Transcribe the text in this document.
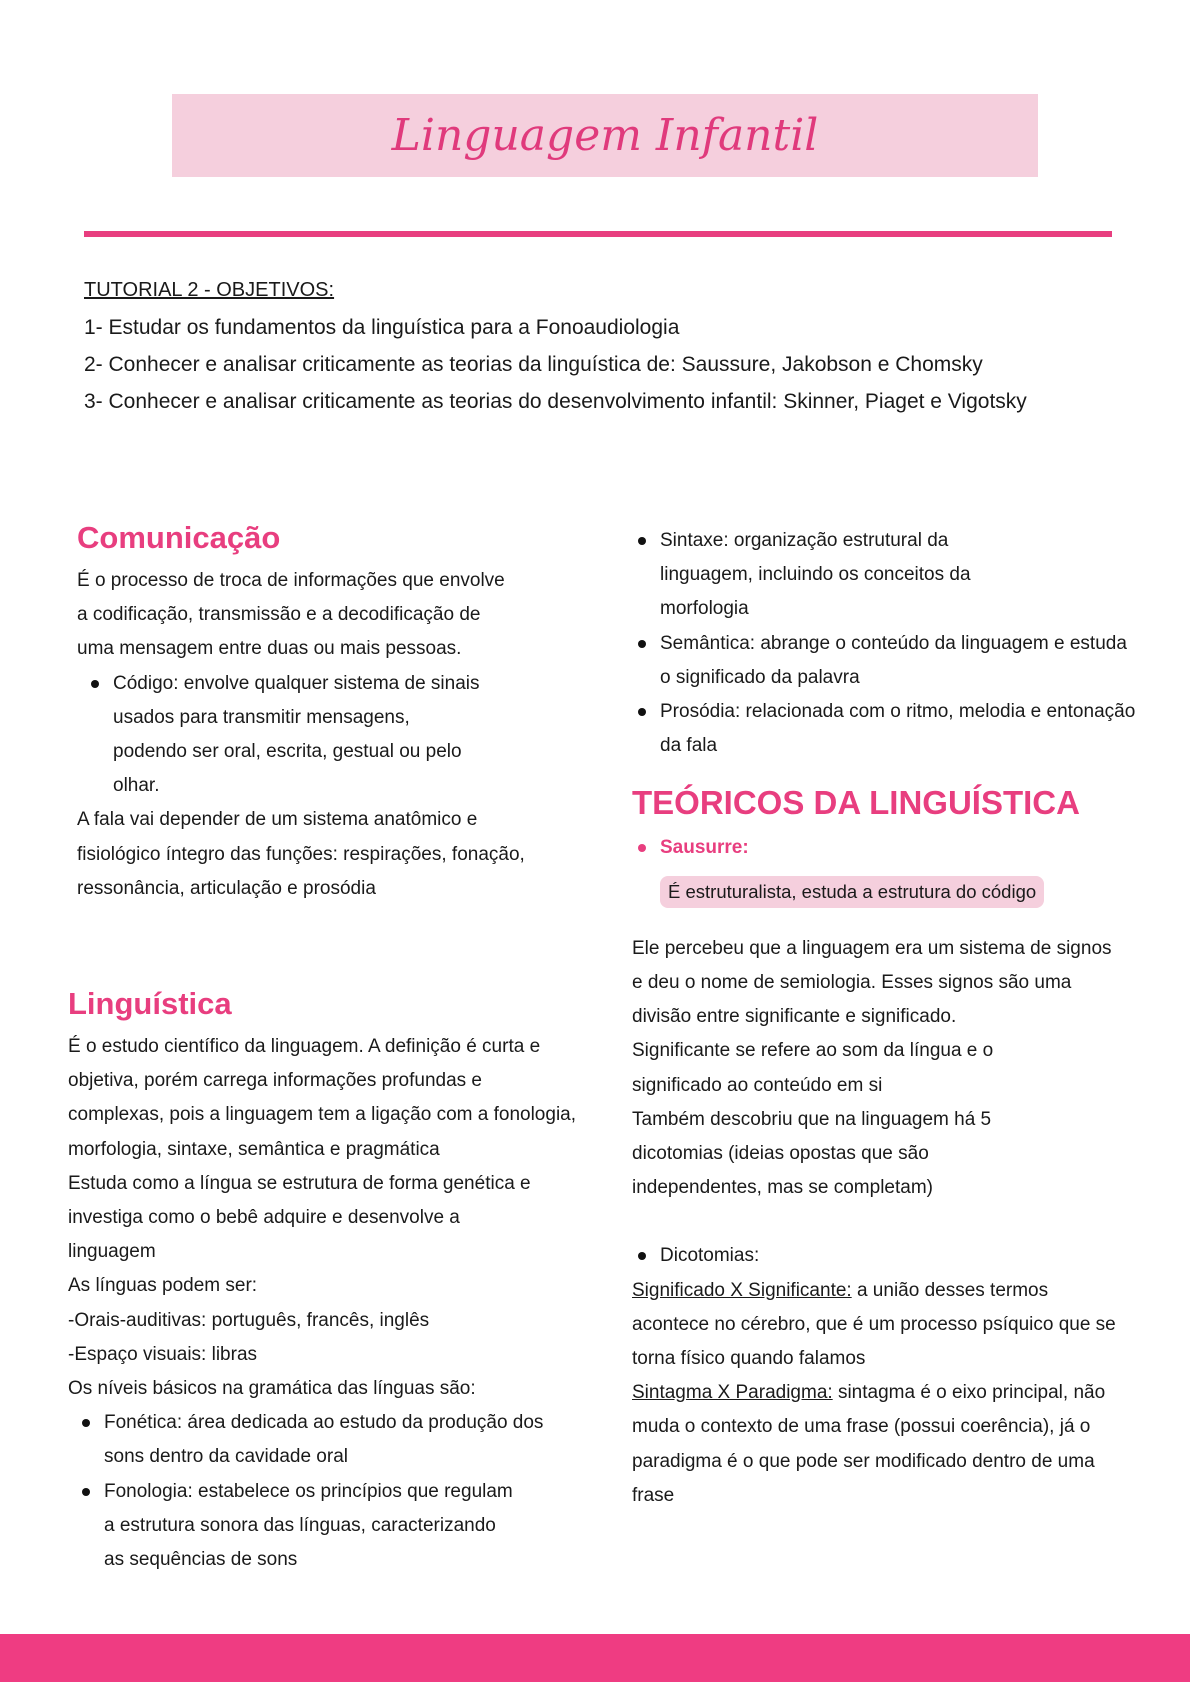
Linguagem Infantil
TUTORIAL 2 - OBJETIVOS:
1- Estudar os fundamentos da linguística para a Fonoaudiologia
2- Conhecer e analisar criticamente as teorias da linguística de: Saussure, Jakobson e Chomsky
3- Conhecer e analisar criticamente as teorias do desenvolvimento infantil: Skinner, Piaget e Vigotsky
Comunicação

É o processo de troca de informações que envolve a codificação, transmissão e a decodificação de uma mensagem entre duas ou mais pessoas.

Código: envolve qualquer sistema de sinais usados para transmitir mensagens, podendo ser oral, escrita, gestual ou pelo olhar.

A fala vai depender de um sistema anatômico e fisiológico íntegro das funções: respirações, fonação, ressonância, articulação e prosódia

Linguística

É o estudo científico da linguagem. A definição é curta e objetiva, porém carrega informações profundas e complexas, pois a linguagem tem a ligação com a fonologia, morfologia, sintaxe, semântica e pragmática

Estuda como a língua se estrutura de forma genética e investiga como o bebê adquire e desenvolve a linguagem

As línguas podem ser:

-Orais-auditivas: português, francês, inglês

-Espaço visuais: libras

Os níveis básicos na gramática das línguas são:

Fonética: área dedicada ao estudo da produção dos sons dentro da cavidade oral
Fonologia: estabelece os princípios que regulam a estrutura sonora das línguas, caracterizando as sequências de sons
Sintaxe: organização estrutural da linguagem, incluindo os conceitos da morfologia
Semântica: abrange o conteúdo da linguagem e estuda o significado da palavra
Prosódia: relacionada com o ritmo, melodia e entonação da fala
TEÓRICOS DA LINGUÍSTICA
Sausurre:
É estruturalista, estuda a estrutura do código

Ele percebeu que a linguagem era um sistema de signos e deu o nome de semiologia. Esses signos são uma divisão entre significante e significado.

Significante se refere ao som da língua e o significado ao conteúdo em si

Também descobriu que na linguagem há 5 dicotomias (ideias opostas que são independentes, mas se completam)

Dicotomias:

Significado X Significante: a união desses termos acontece no cérebro, que é um processo psíquico que se torna físico quando falamos

Sintagma X Paradigma: sintagma é o eixo principal, não muda o contexto de uma frase (possui coerência), já o paradigma é o que pode ser modificado dentro de uma frase
